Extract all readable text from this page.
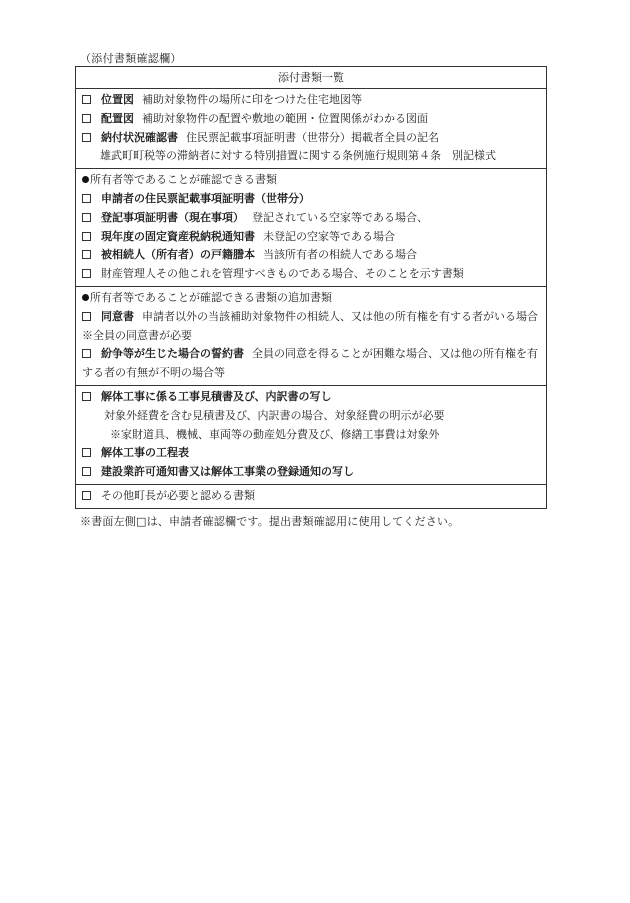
（添付書類確認欄）
添付書類一覧

位置図 補助対象物件の場所に印をつけた住宅地図等
配置図 補助対象物件の配置や敷地の範囲・位置関係がわかる図面
納付状況確認書 住民票記載事項証明書（世帯分）掲載者全員の記名
雄武町町税等の滞納者に対する特別措置に関する条例施行規則第４条　別記様式

所有者等であることが確認できる書類
申請者の住民票記載事項証明書（世帯分）
登記事項証明書（現在事項） 登記されている空家等である場合、
現年度の固定資産税納税通知書 未登記の空家等である場合
被相続人（所有者）の戸籍謄本 当該所有者の相続人である場合
財産管理人その他これを管理すべきものである場合、そのことを示す書類

所有者等であることが確認できる書類の追加書類
同意書 申請者以外の当該補助対象物件の相続人、又は他の所有権を有する者がいる場合※全員の同意書が必要
紛争等が生じた場合の誓約書 全員の同意を得ることが困難な場合、又は他の所有権を有する者の有無が不明の場合等

解体工事に係る工事見積書及び、内訳書の写し
対象外経費を含む見積書及び、内訳書の場合、対象経費の明示が必要
※家財道具、機械、車両等の動産処分費及び、修繕工事費は対象外
解体工事の工程表
建設業許可通知書又は解体工事業の登録通知の写し

その他町長が必要と認める書類
※書面左側□は、申請者確認欄です。提出書類確認用に使用してください。
